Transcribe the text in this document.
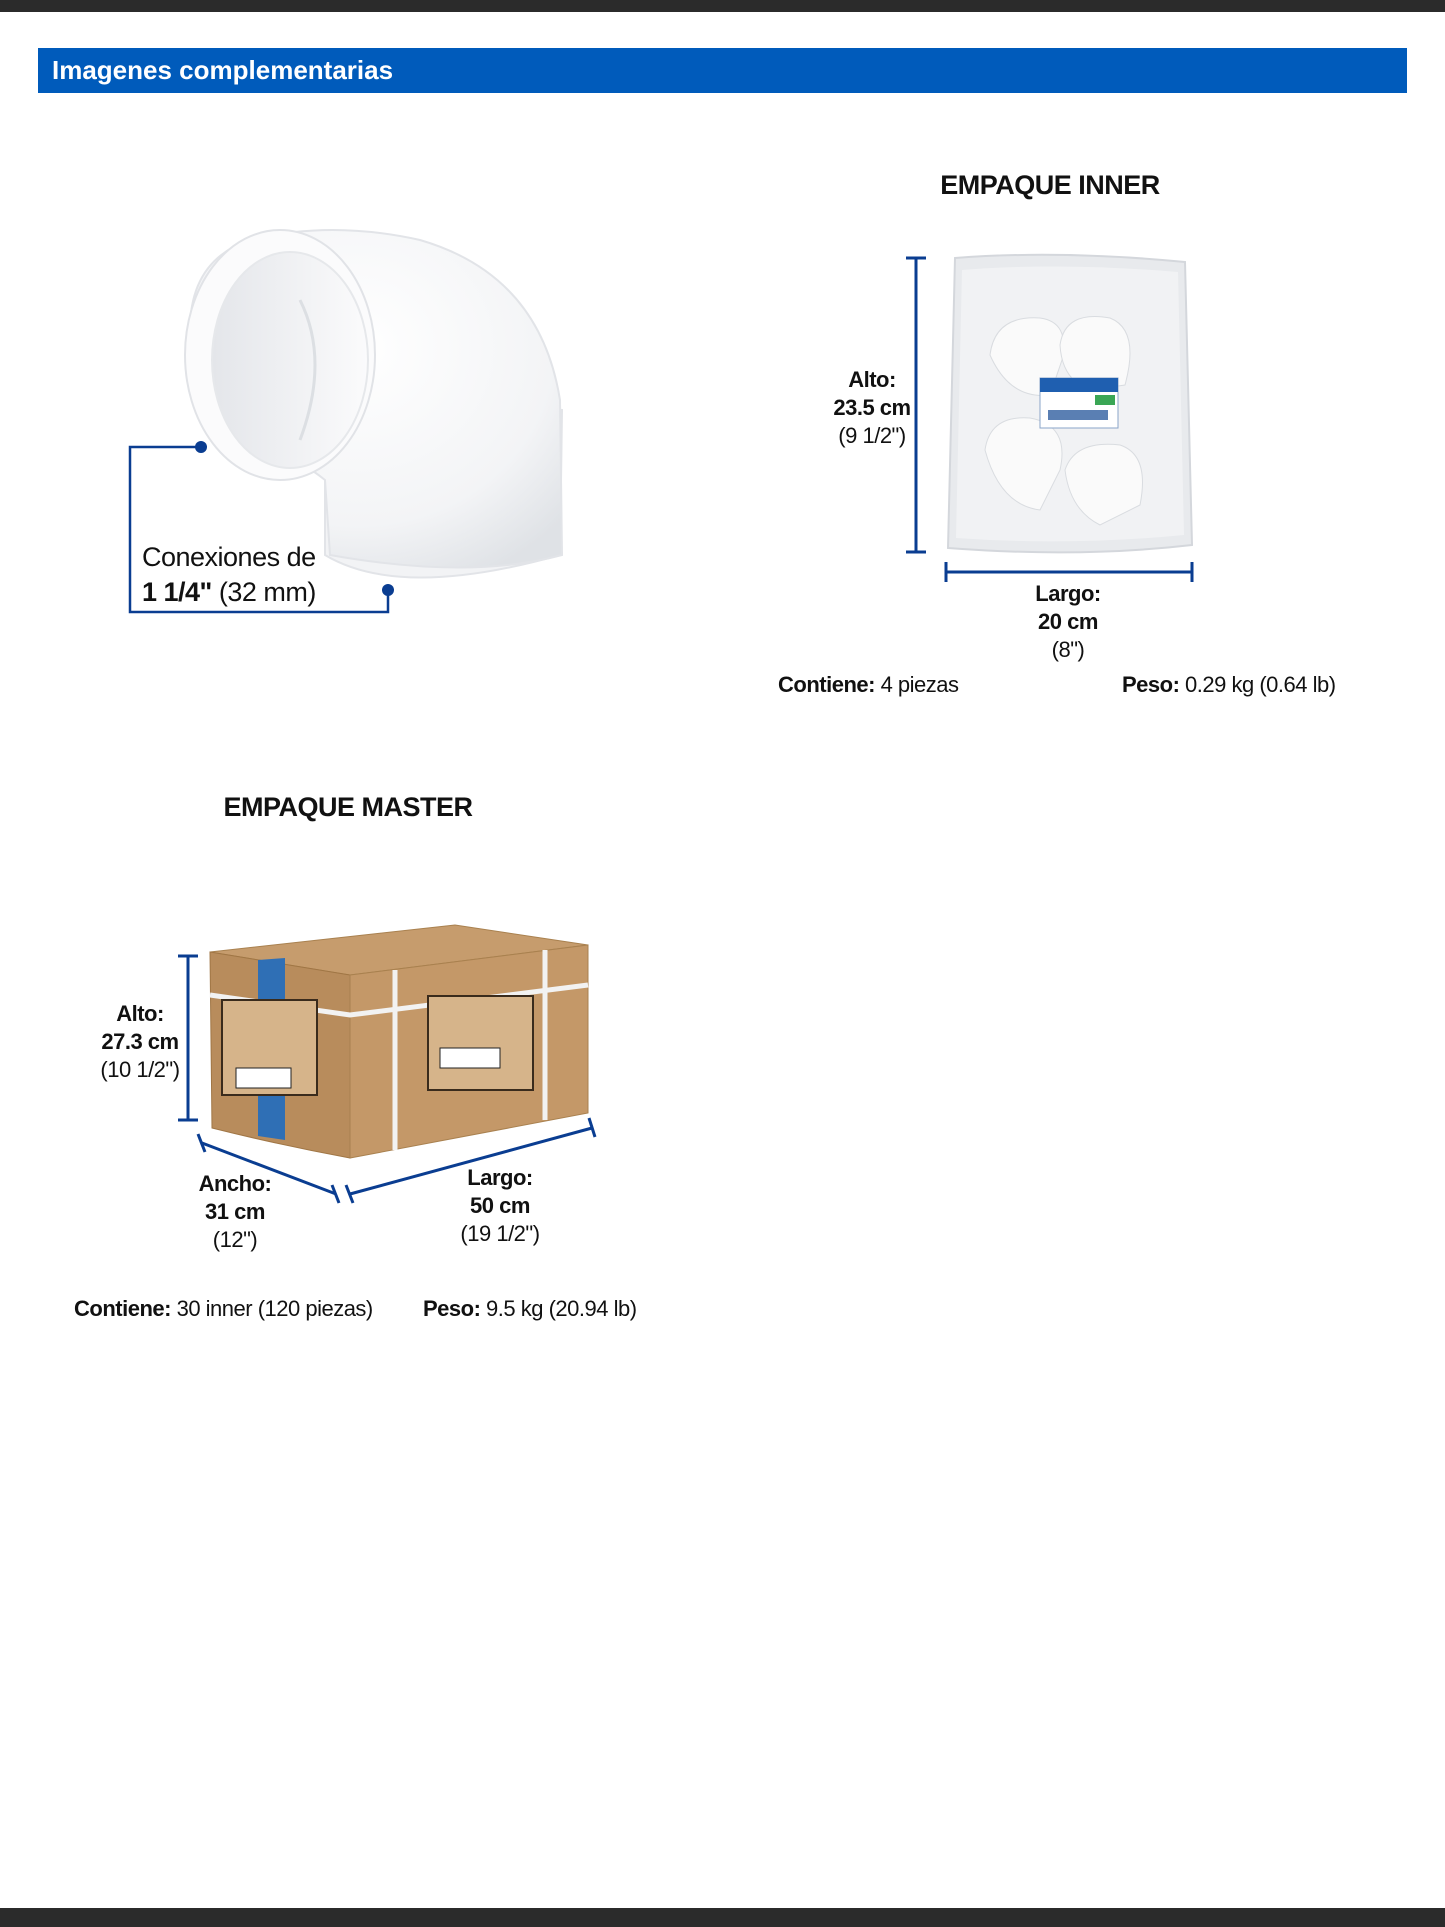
Imagenes complementarias
Conexiones de
1 1/4" (32 mm)
EMPAQUE INNER
Alto:
23.5 cm
(9 1/2")
Largo:
20 cm
(8")
Contiene: 4 piezas	Peso: 0.29 kg (0.64 lb)
EMPAQUE MASTER
Alto:
27.3 cm
(10 1/2")
Ancho:
31 cm
(12")
Largo:
50 cm
(19 1/2")
Contiene: 30 inner (120 piezas) Peso: 9.5 kg (20.94 lb)
